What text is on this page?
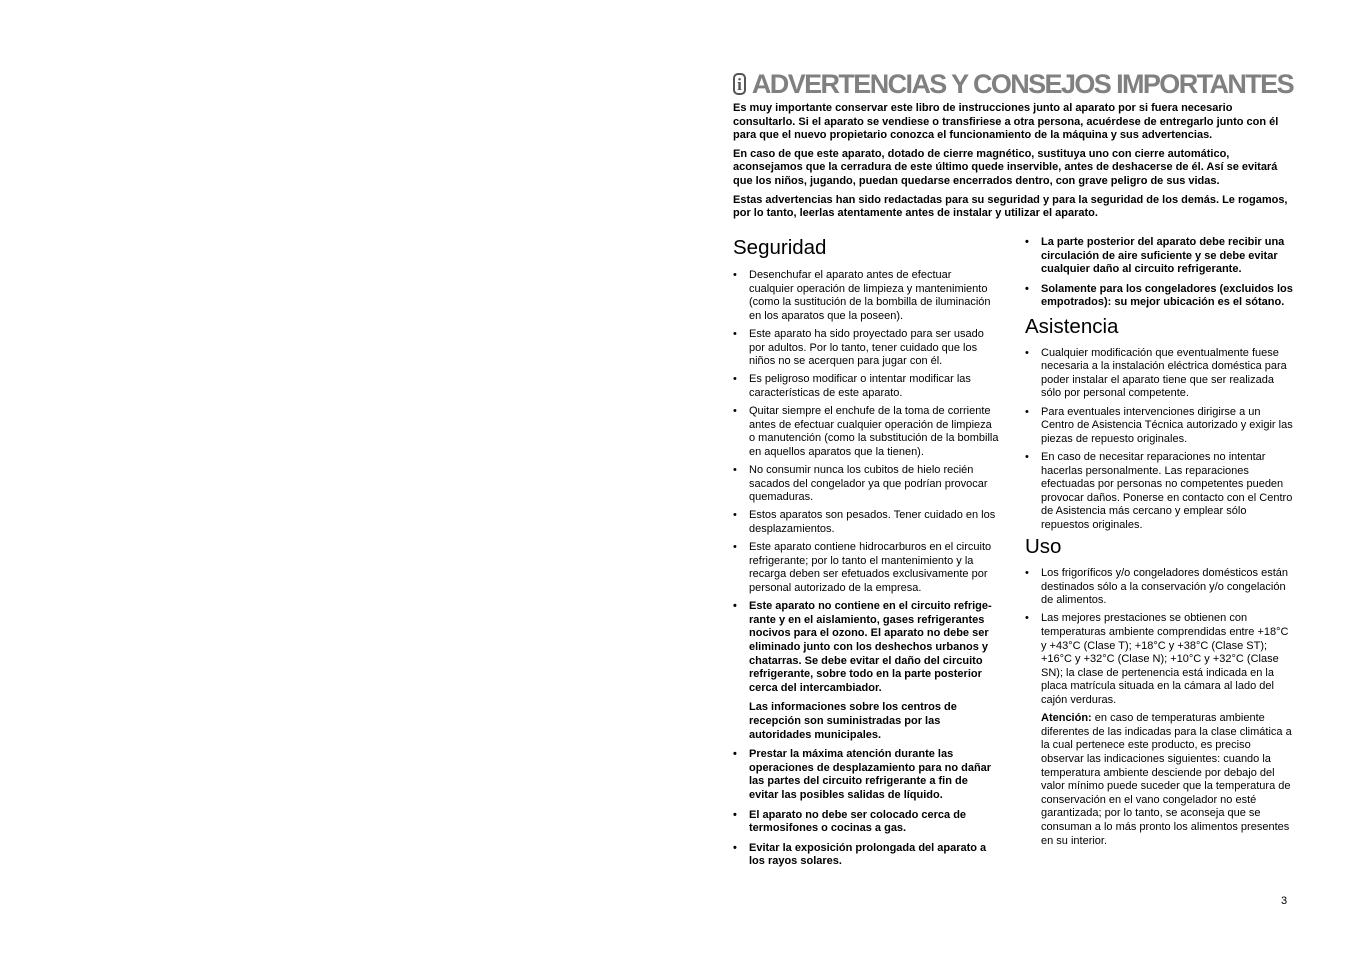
i ADVERTENCIAS Y CONSEJOS IMPORTANTES

Es muy importante conservar este libro de instrucciones junto al aparato por si fuera necesario consultarlo. Si el aparato se vendiese o transfiriese a otra persona, acuérdese de entregarlo junto con él para que el nuevo propietario conozca el funcionamiento de la máquina y sus advertencias.

En caso de que este aparato, dotado de cierre magnético, sustituya uno con cierre automático, aconsejamos que la cerradura de este último quede inservible, antes de deshacerse de él. Así se evitará que los niños, jugando, puedan quedarse encerrados dentro, con grave peligro de sus vidas.

Estas advertencias han sido redactadas para su seguridad y para la seguridad de los demás. Le rogamos, por lo tanto, leerlas atentamente antes de instalar y utilizar el aparato.

Seguridad
• Desenchufar el aparato antes de efectuar cualquier operación de limpieza y mantenimiento (como la sustitución de la bombilla de iluminación en los aparatos que la poseen).
• Este aparato ha sido proyectado para ser usado por adultos. Por lo tanto, tener cuidado que los niños no se acerquen para jugar con él.
• Es peligroso modificar o intentar modificar las características de este aparato.
• Quitar siempre el enchufe de la toma de corriente antes de efectuar cualquier operación de limpieza o manutención (como la substitución de la bombilla en aquellos aparatos que la tienen).
• No consumir nunca los cubitos de hielo recién sacados del congelador ya que podrían provocar quemaduras.
• Estos aparatos son pesados. Tener cuidado en los desplazamientos.
• Este aparato contiene hidrocarburos en el circuito refrigerante; por lo tanto el mantenimiento y la recarga deben ser efetuados exclusivamente por personal autorizado de la empresa.
• Este aparato no contiene en el circuito refrige-rante y en el aislamiento, gases refrigerantes nocivos para el ozono. El aparato no debe ser eliminado junto con los deshechos urbanos y chatarras. Se debe evitar el daño del circuito refrigerante, sobre todo en la parte posterior cerca del intercambiador.
Las informaciones sobre los centros de recepción son suministradas por las autoridades municipales.
• Prestar la máxima atención durante las operaciones de desplazamiento para no dañar las partes del circuito refrigerante a fin de evitar las posibles salidas de líquido.
• El aparato no debe ser colocado cerca de termosifones o cocinas a gas.
• Evitar la exposición prolongada del aparato a los rayos solares.
• La parte posterior del aparato debe recibir una circulación de aire suficiente y se debe evitar cualquier daño al circuito refrigerante.
• Solamente para los congeladores (excluidos los empotrados): su mejor ubicación es el sótano.
Asistencia
• Cualquier modificación que eventualmente fuese necesaria a la instalación eléctrica doméstica para poder instalar el aparato tiene que ser realizada sólo por personal competente.
• Para eventuales intervenciones dirigirse a un Centro de Asistencia Técnica autorizado y exigir las piezas de repuesto originales.
• En caso de necesitar reparaciones no intentar hacerlas personalmente. Las reparaciones efectuadas por personas no competentes pueden provocar daños. Ponerse en contacto con el Centro de Asistencia más cercano y emplear sólo repuestos originales.
Uso
• Los frigoríficos y/o congeladores domésticos están destinados sólo a la conservación y/o congelación de alimentos.
• Las mejores prestaciones se obtienen con temperaturas ambiente comprendidas entre +18°C y +43°C (Clase T); +18°C y +38°C (Clase ST); +16°C y +32°C (Clase N); +10°C y +32°C (Clase SN); la clase de pertenencia está indicada en la placa matrícula situada en la cámara al lado del cajón verduras.
Atención: en caso de temperaturas ambiente diferentes de las indicadas para la clase climática a la cual pertenece este producto, es preciso observar las indicaciones siguientes: cuando la temperatura ambiente desciende por debajo del valor mínimo puede suceder que la temperatura de conservación en el vano congelador no esté garantizada; por lo tanto, se aconseja que se consuman a lo más pronto los alimentos presentes en su interior.
3
